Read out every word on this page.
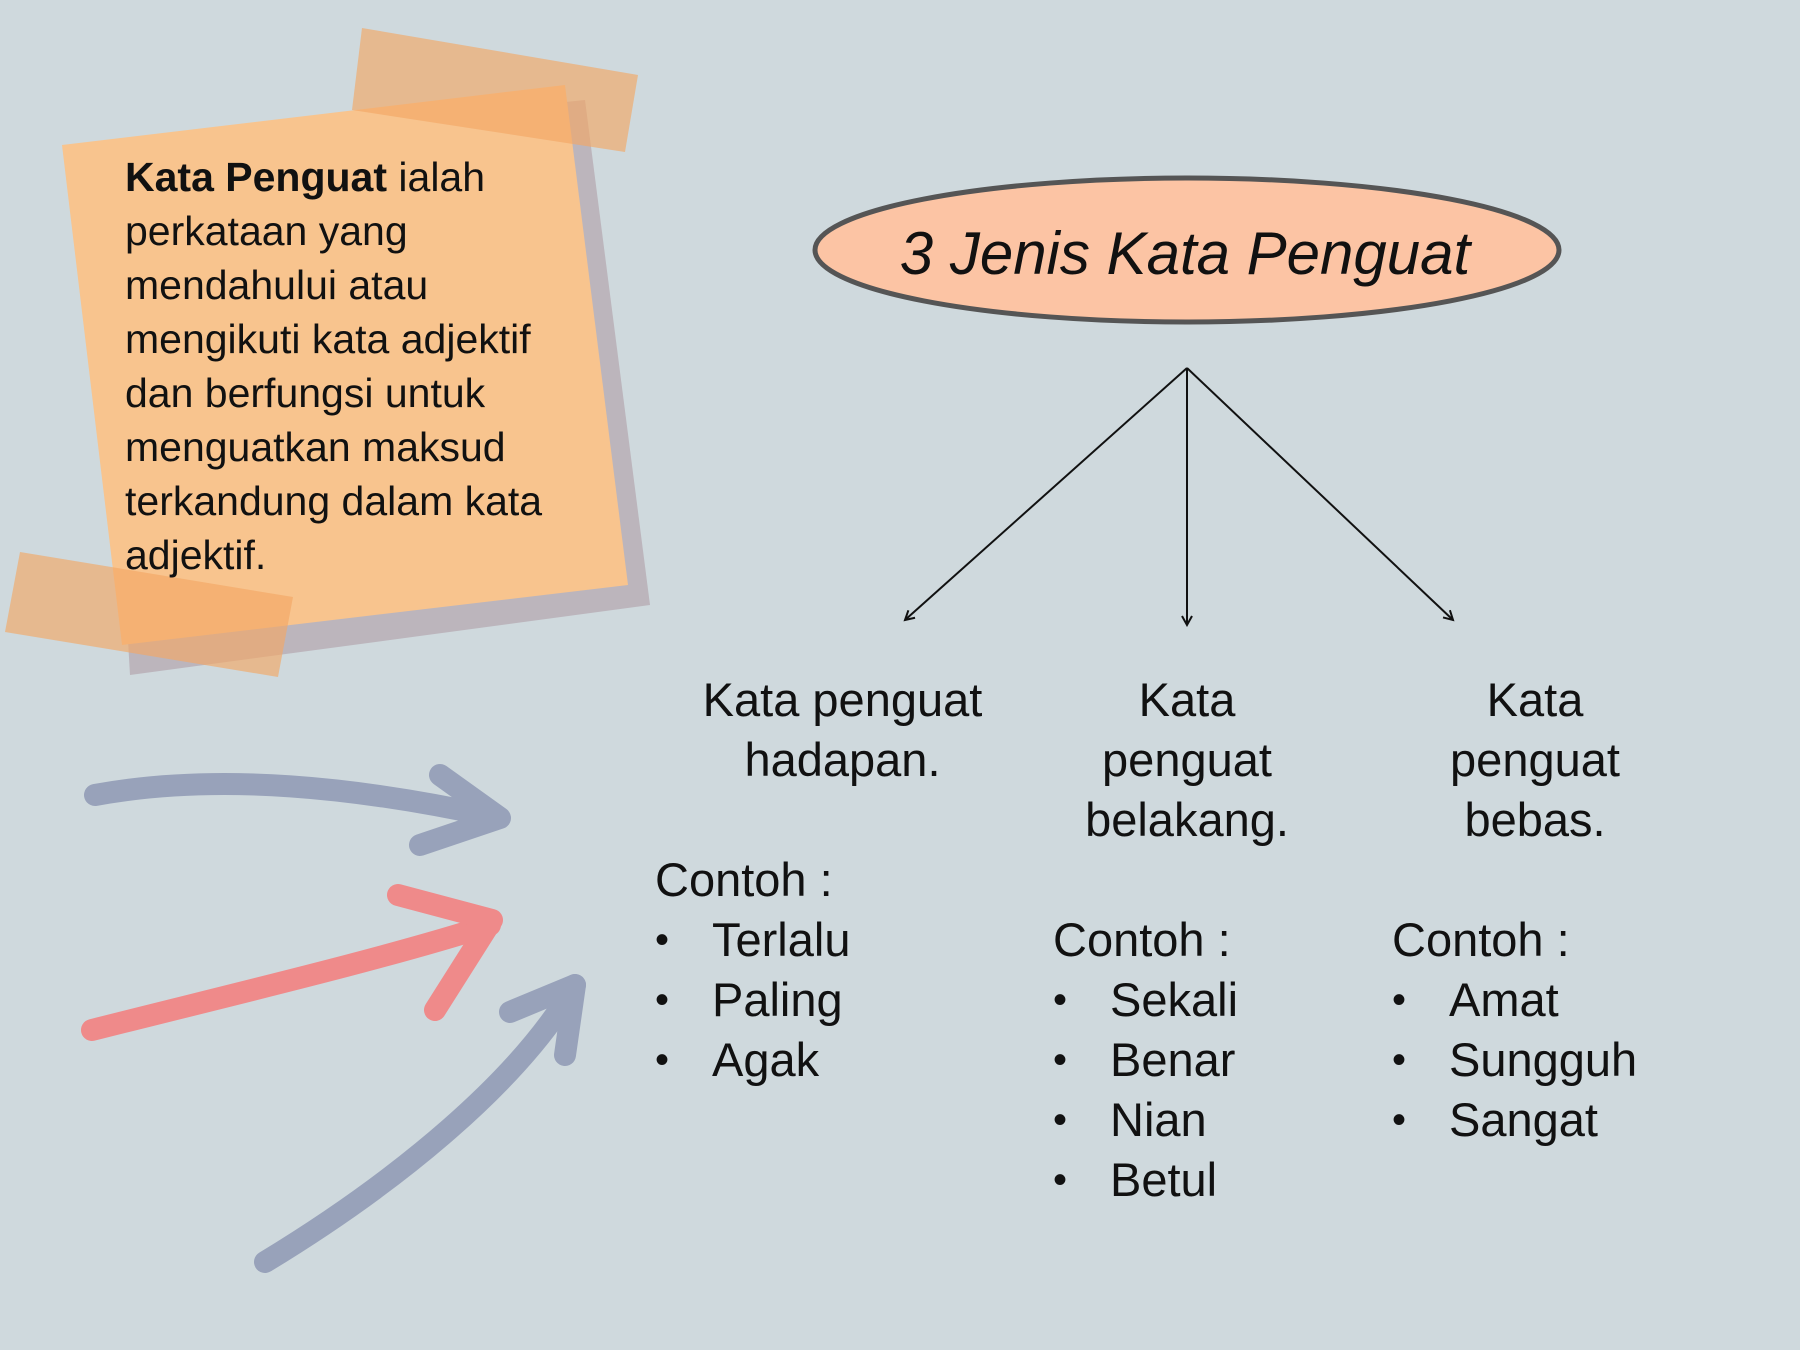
Kata Penguat ialah perkataan yang mendahului atau mengikuti kata adjektif dan berfungsi untuk menguatkan maksud terkandung dalam kata adjektif.
3 Jenis Kata Penguat
Kata penguat hadapan.
Contoh :
• Terlalu
• Paling
• Agak
Kata penguat belakang.
Contoh :
• Sekali
• Benar
• Nian
• Betul
Kata penguat bebas.
Contoh :
• Amat
• Sungguh
• Sangat
